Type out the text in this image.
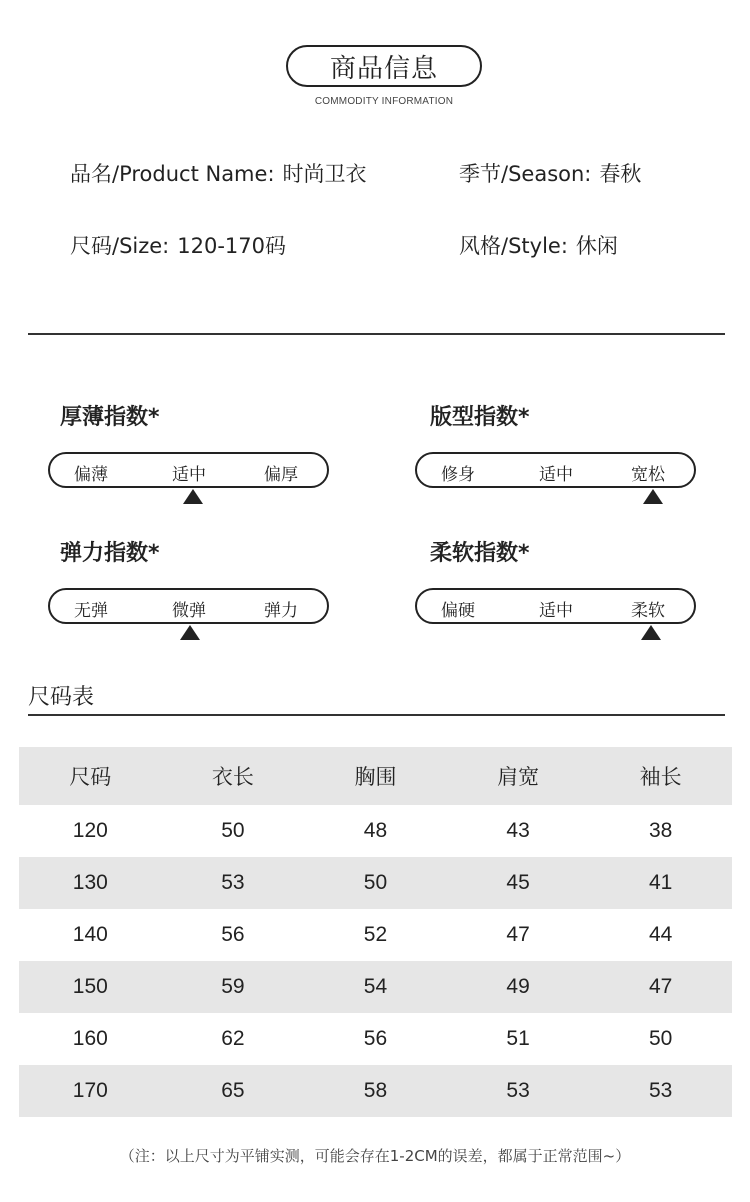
商品信息
COMMODITY INFORMATION
品名/Product Name: 时尚卫衣	季节/Season: 春秋
尺码/Size: 120-170码	风格/Style: 休闲
厚薄指数*
偏薄	适中	偏厚
版型指数*
修身	适中	宽松
弹力指数*
无弹	微弹	弹力
柔软指数*
偏硬	适中	柔软
尺码表
尺码	衣长	胸围	肩宽	袖长
120	50	48	43	38
130	53	50	45	41
140	56	52	47	44
150	59	54	49	47
160	62	56	51	50
170	65	58	53	53
（注：以上尺寸为平铺实测，可能会存在1-2CM的误差，都属于正常范围~）
